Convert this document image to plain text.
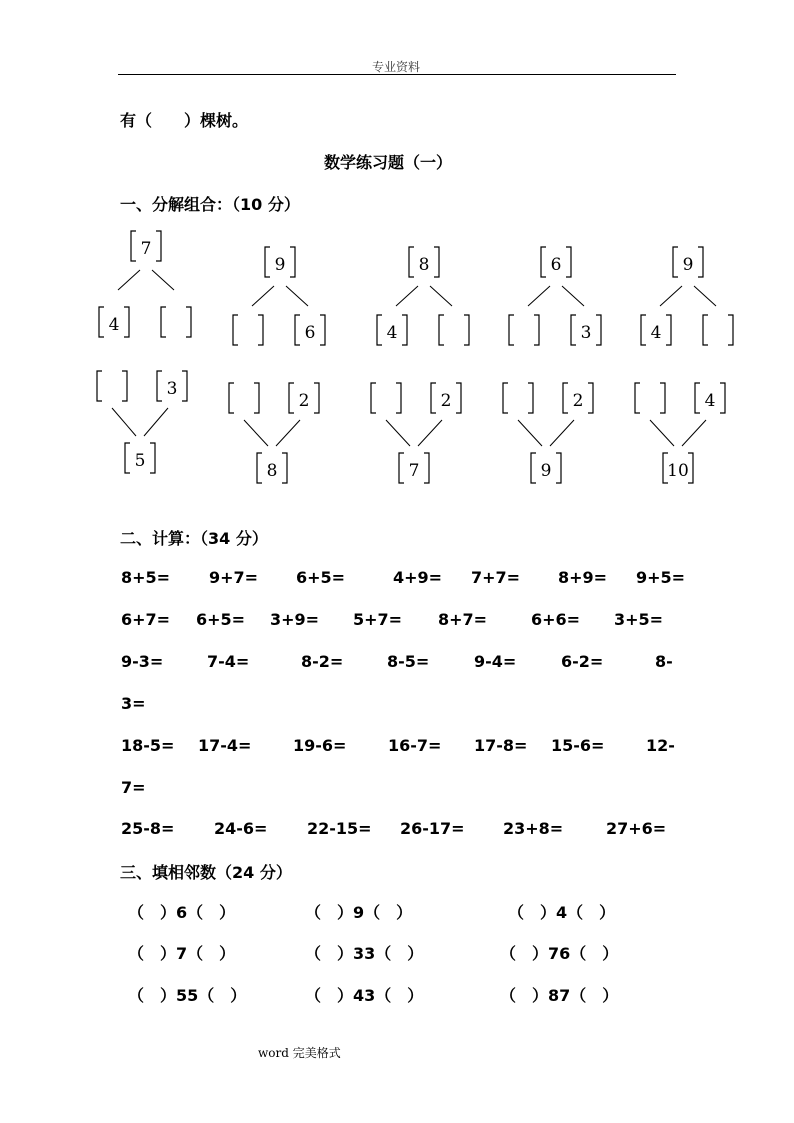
专业资料
有（　　）棵树。
数学练习题（一）
一、分解组合：（10 分）
7
4
9
6
8
4
6
3
9
4
3
5
2
8
2
7
2
9
4
10
二、计算：（34 分）
8+5= 9+7= 6+5=	4+9= 7+7= 8+9= 9+5=
6+7= 6+5= 3+9= 5+7= 8+7=	6+6= 3+5=
9-3=	7-4=	8-2=	8-5=	9-4=	6-2=	8-
3=
18-5= 17-4=	19-6=	16-7= 17-8= 15-6=	12-
7=
25-8= 24-6= 22-15= 26-17= 23+8=	27+6=
三、填相邻数（24 分）
（　）6（　）	（　）9（　）	（　）4（　）
（　）7（　）	（　）33（　）	（　）76（　）
（　）55（　）	（　）43（　）	（　）87（　）
word 完美格式
